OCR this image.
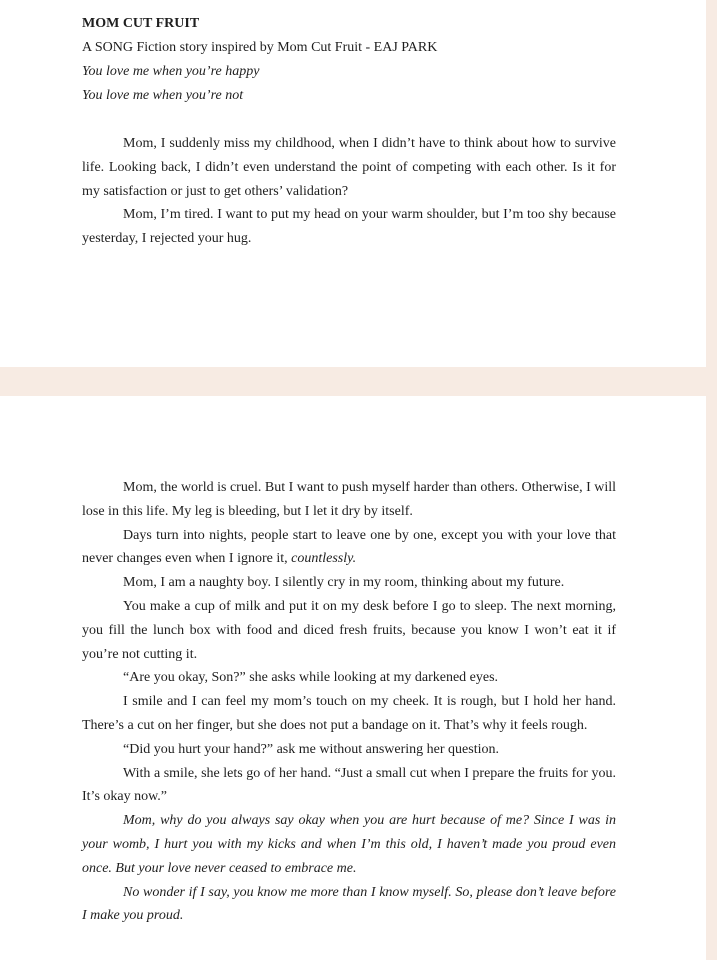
MOM CUT FRUIT

A SONG Fiction story inspired by Mom Cut Fruit - EAJ PARK

You love me when you’re happy

You love me when you’re not

Mom, I suddenly miss my childhood, when I didn’t have to think about how to survive life. Looking back, I didn’t even understand the point of competing with each other. Is it for my satisfaction or just to get others’ validation?

Mom, I’m tired. I want to put my head on your warm shoulder, but I’m too shy because yesterday, I rejected your hug.

Mom, the world is cruel. But I want to push myself harder than others. Otherwise, I will lose in this life. My leg is bleeding, but I let it dry by itself.

Days turn into nights, people start to leave one by one, except you with your love that never changes even when I ignore it, countlessly.

Mom, I am a naughty boy. I silently cry in my room, thinking about my future.

You make a cup of milk and put it on my desk before I go to sleep. The next morning, you fill the lunch box with food and diced fresh fruits, because you know I won’t eat it if you’re not cutting it.

“Are you okay, Son?” she asks while looking at my darkened eyes.

I smile and I can feel my mom’s touch on my cheek. It is rough, but I hold her hand. There’s a cut on her finger, but she does not put a bandage on it. That’s why it feels rough.

“Did you hurt your hand?” ask me without answering her question.

With a smile, she lets go of her hand. “Just a small cut when I prepare the fruits for you. It’s okay now.”

Mom, why do you always say okay when you are hurt because of me? Since I was in your womb, I hurt you with my kicks and when I’m this old, I haven’t made you proud even once. But your love never ceased to embrace me.

No wonder if I say, you know me more than I know myself. So, please don’t leave before I make you proud.
